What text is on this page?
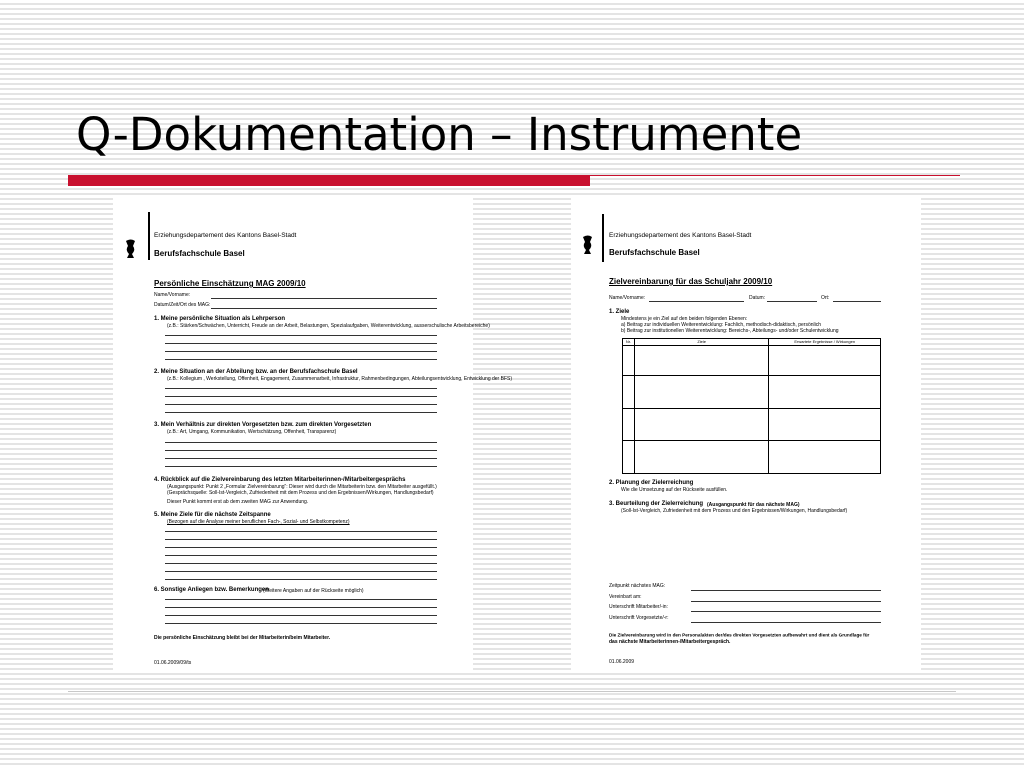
Q-Dokumentation – Instrumente
Erziehungsdepartement des Kantons Basel-Stadt
Berufsfachschule Basel
Persönliche Einschätzung MAG 2009/10
Name/Vorname:
Datum/Zeit/Ort des MAG:
1. Meine persönliche Situation als Lehrperson
(z.B.: Stärken/Schwächen, Unterricht, Freude an der Arbeit, Belastungen, Spezialaufgaben, Weiterentwicklung, ausserschulische Arbeitsbereiche)
2. Meine Situation an der Abteilung bzw. an der Berufsfachschule Basel
(z.B.: Kollegium , Werkstellung, Offenheit, Engagement, Zusammenarbeit, Infrastruktur, Rahmenbedingungen, Abteilungsentwicklung, Entwicklung der BFS)
3. Mein Verhältnis zur direkten Vorgesetzten bzw. zum direkten Vorgesetzten
(z.B.: Art, Umgang, Kommunikation, Wertschätzung, Offenheit, Transparenz)
4. Rückblick auf die Zielvereinbarung des letzten Mitarbeiterinnen-/Mitarbeitergesprächs
(Ausgangspunkt: Punkt 2 „Formular Zielvereinbarung“: Dieser wird durch die Mitarbeiterin bzw. den Mitarbeiter ausgefüllt.)
(Gesprächsquelle: Soll-Ist-Vergleich, Zufriedenheit mit dem Prozess und den Ergebnissen/Wirkungen, Handlungsbedarf)
Dieser Punkt kommt erst ab dem zweiten MAG zur Anwendung.
5. Meine Ziele für die nächste Zeitspanne
(Bezogen auf die Analyse meiner beruflichen Fach-, Sozial- und Selbstkompetenz)
6. Sonstige Anliegen bzw. Bemerkungen
(Weitere Angaben auf der Rückseite möglich)
Die persönliche Einschätzung bleibt bei der Mitarbeiterin/beim Mitarbeiter.
01.06.2009/09/ts
Erziehungsdepartement des Kantons Basel-Stadt
Berufsfachschule Basel
Zielvereinbarung für das Schuljahr 2009/10
Name/Vorname:	Datum:	Ort:
1. Ziele
Mindestens je ein Ziel auf den beiden folgenden Ebenen:
a) Beitrag zur individuellen Weiterentwicklung: Fachlich, methodisch-didaktisch, persönlich
b) Beitrag zur institutionellen Weiterentwicklung: Bereichs-, Abteilungs- und/oder Schulentwicklung
Nr.	Ziele	Erwartete Ergebnisse / Wirkungen

2. Planung der Zielerreichung
Wie die Umsetzung auf der Rückseite ausfüllen.
3. Beurteilung der Zielerreichung (Ausgangspunkt für das nächste MAG)
(Soll-Ist-Vergleich, Zufriedenheit mit dem Prozess und den Ergebnissen/Wirkungen, Handlungsbedarf)
Zeitpunkt nächstes MAG:
Vereinbart am:
Unterschrift Mitarbeiter/-in:
Unterschrift Vorgesetzte/-r:
Die Zielvereinbarung wird in den Personalakten der/des direkten Vorgesetzten aufbewahrt und dient als Grundlage für
das nächste Mitarbeiterinnen-/Mitarbeitergespräch.
01.06.2009
